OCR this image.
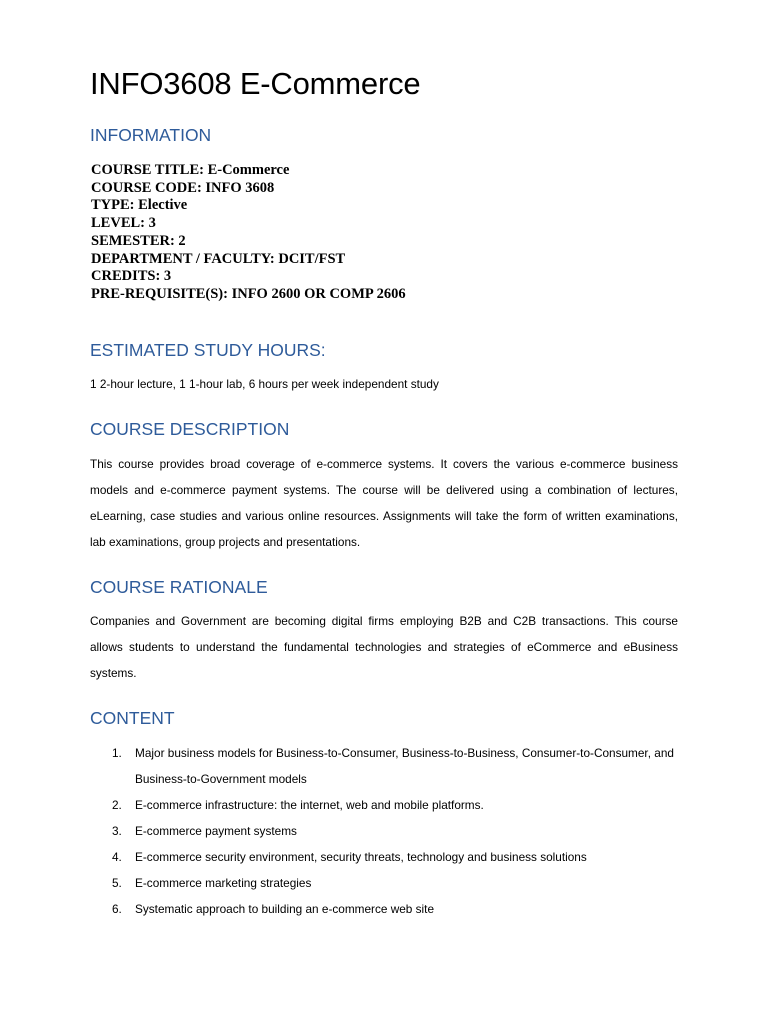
INFO3608 E-Commerce
INFORMATION
COURSE TITLE: E-Commerce
COURSE CODE: INFO 3608
TYPE: Elective
LEVEL: 3
SEMESTER: 2
DEPARTMENT / FACULTY: DCIT/FST
CREDITS: 3
PRE-REQUISITE(S): INFO 2600 OR COMP 2606
ESTIMATED STUDY HOURS:

1 2-hour lecture, 1 1-hour lab, 6 hours per week independent study

COURSE DESCRIPTION

This course provides broad coverage of e-commerce systems. It covers the various e-commerce business models and e-commerce payment systems. The course will be delivered using a combination of lectures, eLearning, case studies and various online resources. Assignments will take the form of written examinations, lab examinations, group projects and presentations.

COURSE RATIONALE

Companies and Government are becoming digital firms employing B2B and C2B transactions. This course allows students to understand the fundamental technologies and strategies of eCommerce and eBusiness systems.

CONTENT
1. Major business models for Business-to-Consumer, Business-to-Business, Consumer-to-Consumer, and Business-to-Government models
2. E-commerce infrastructure: the internet, web and mobile platforms.
3. E-commerce payment systems
4. E-commerce security environment, security threats, technology and business solutions
5. E-commerce marketing strategies
6. Systematic approach to building an e-commerce web site
